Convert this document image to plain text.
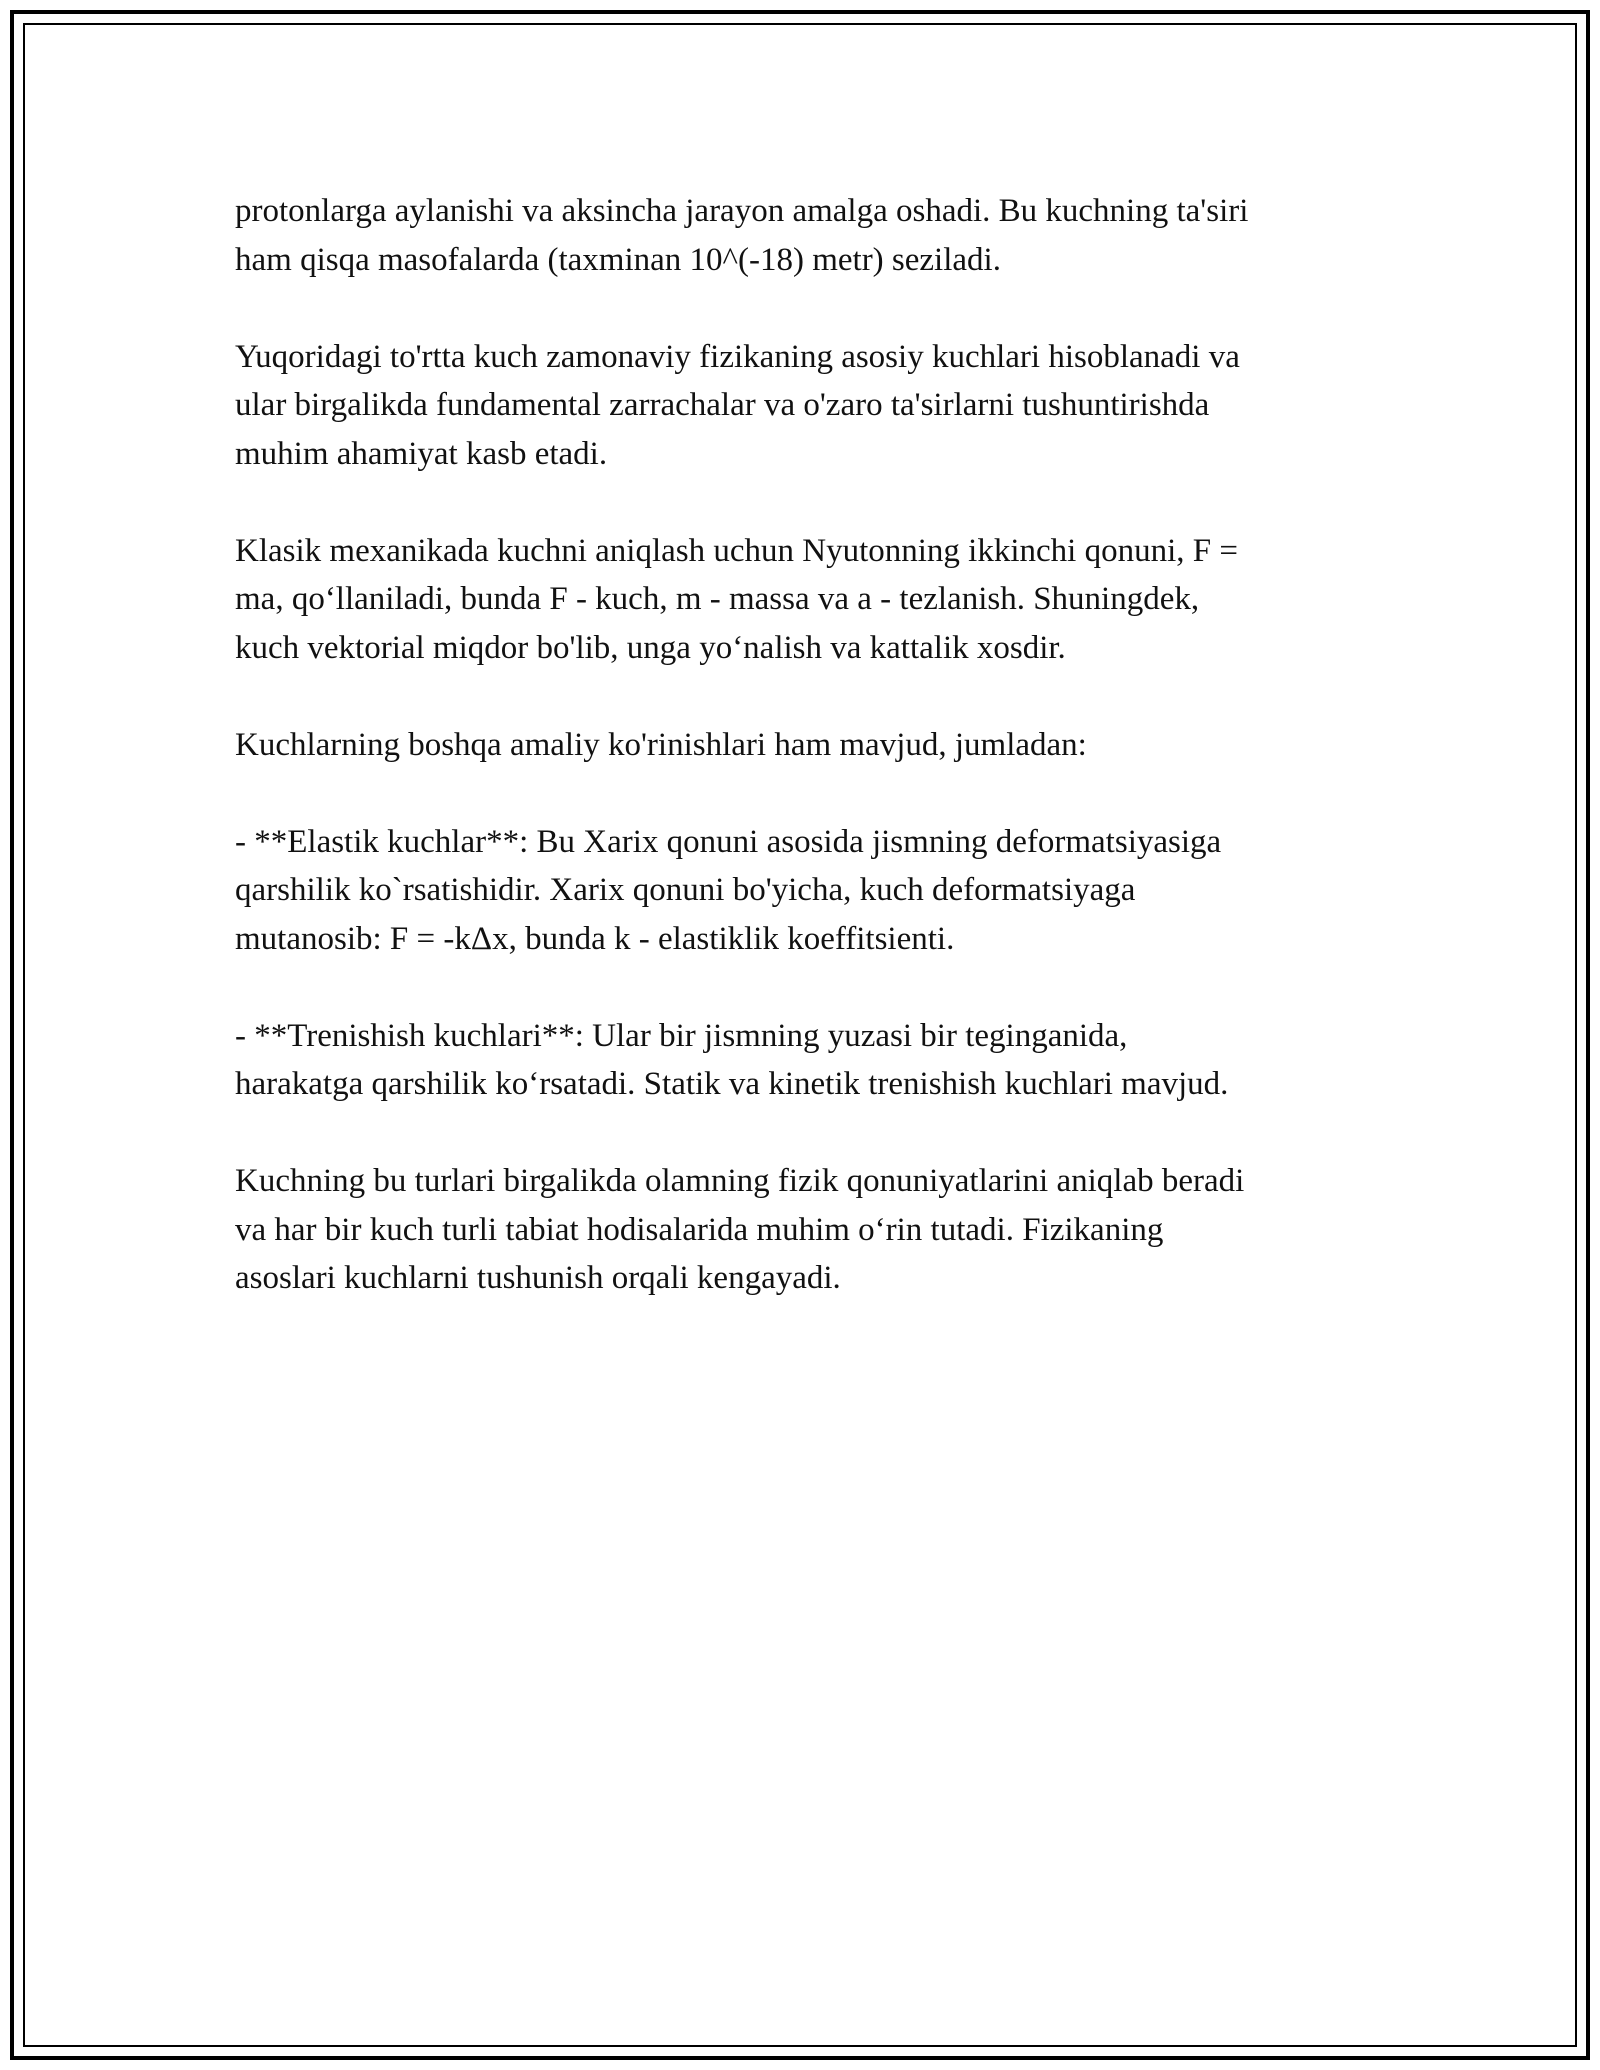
protonlarga aylanishi va aksincha jarayon amalga oshadi. Bu kuchning ta'siri
ham qisqa masofalarda (taxminan 10^(-18) metr) seziladi.

Yuqoridagi to'rtta kuch zamonaviy fizikaning asosiy kuchlari hisoblanadi va
ular birgalikda fundamental zarrachalar va o'zaro ta'sirlarni tushuntirishda
muhim ahamiyat kasb etadi.

Klasik mexanikada kuchni aniqlash uchun Nyutonning ikkinchi qonuni, F =
ma, qo‘llaniladi, bunda F - kuch, m - massa va a - tezlanish. Shuningdek,
kuch vektorial miqdor bo'lib, unga yo‘nalish va kattalik xosdir.

Kuchlarning boshqa amaliy ko'rinishlari ham mavjud, jumladan:

- **Elastik kuchlar**: Bu Xarix qonuni asosida jismning deformatsiyasiga
qarshilik ko`rsatishidir. Xarix qonuni bo'yicha, kuch deformatsiyaga
mutanosib: F = -kΔx, bunda k - elastiklik koeffitsienti.

- **Trenishish kuchlari**: Ular bir jismning yuzasi bir teginganida,
harakatga qarshilik ko‘rsatadi. Statik va kinetik trenishish kuchlari mavjud.

Kuchning bu turlari birgalikda olamning fizik qonuniyatlarini aniqlab beradi
va har bir kuch turli tabiat hodisalarida muhim o‘rin tutadi. Fizikaning
asoslari kuchlarni tushunish orqali kengayadi.
